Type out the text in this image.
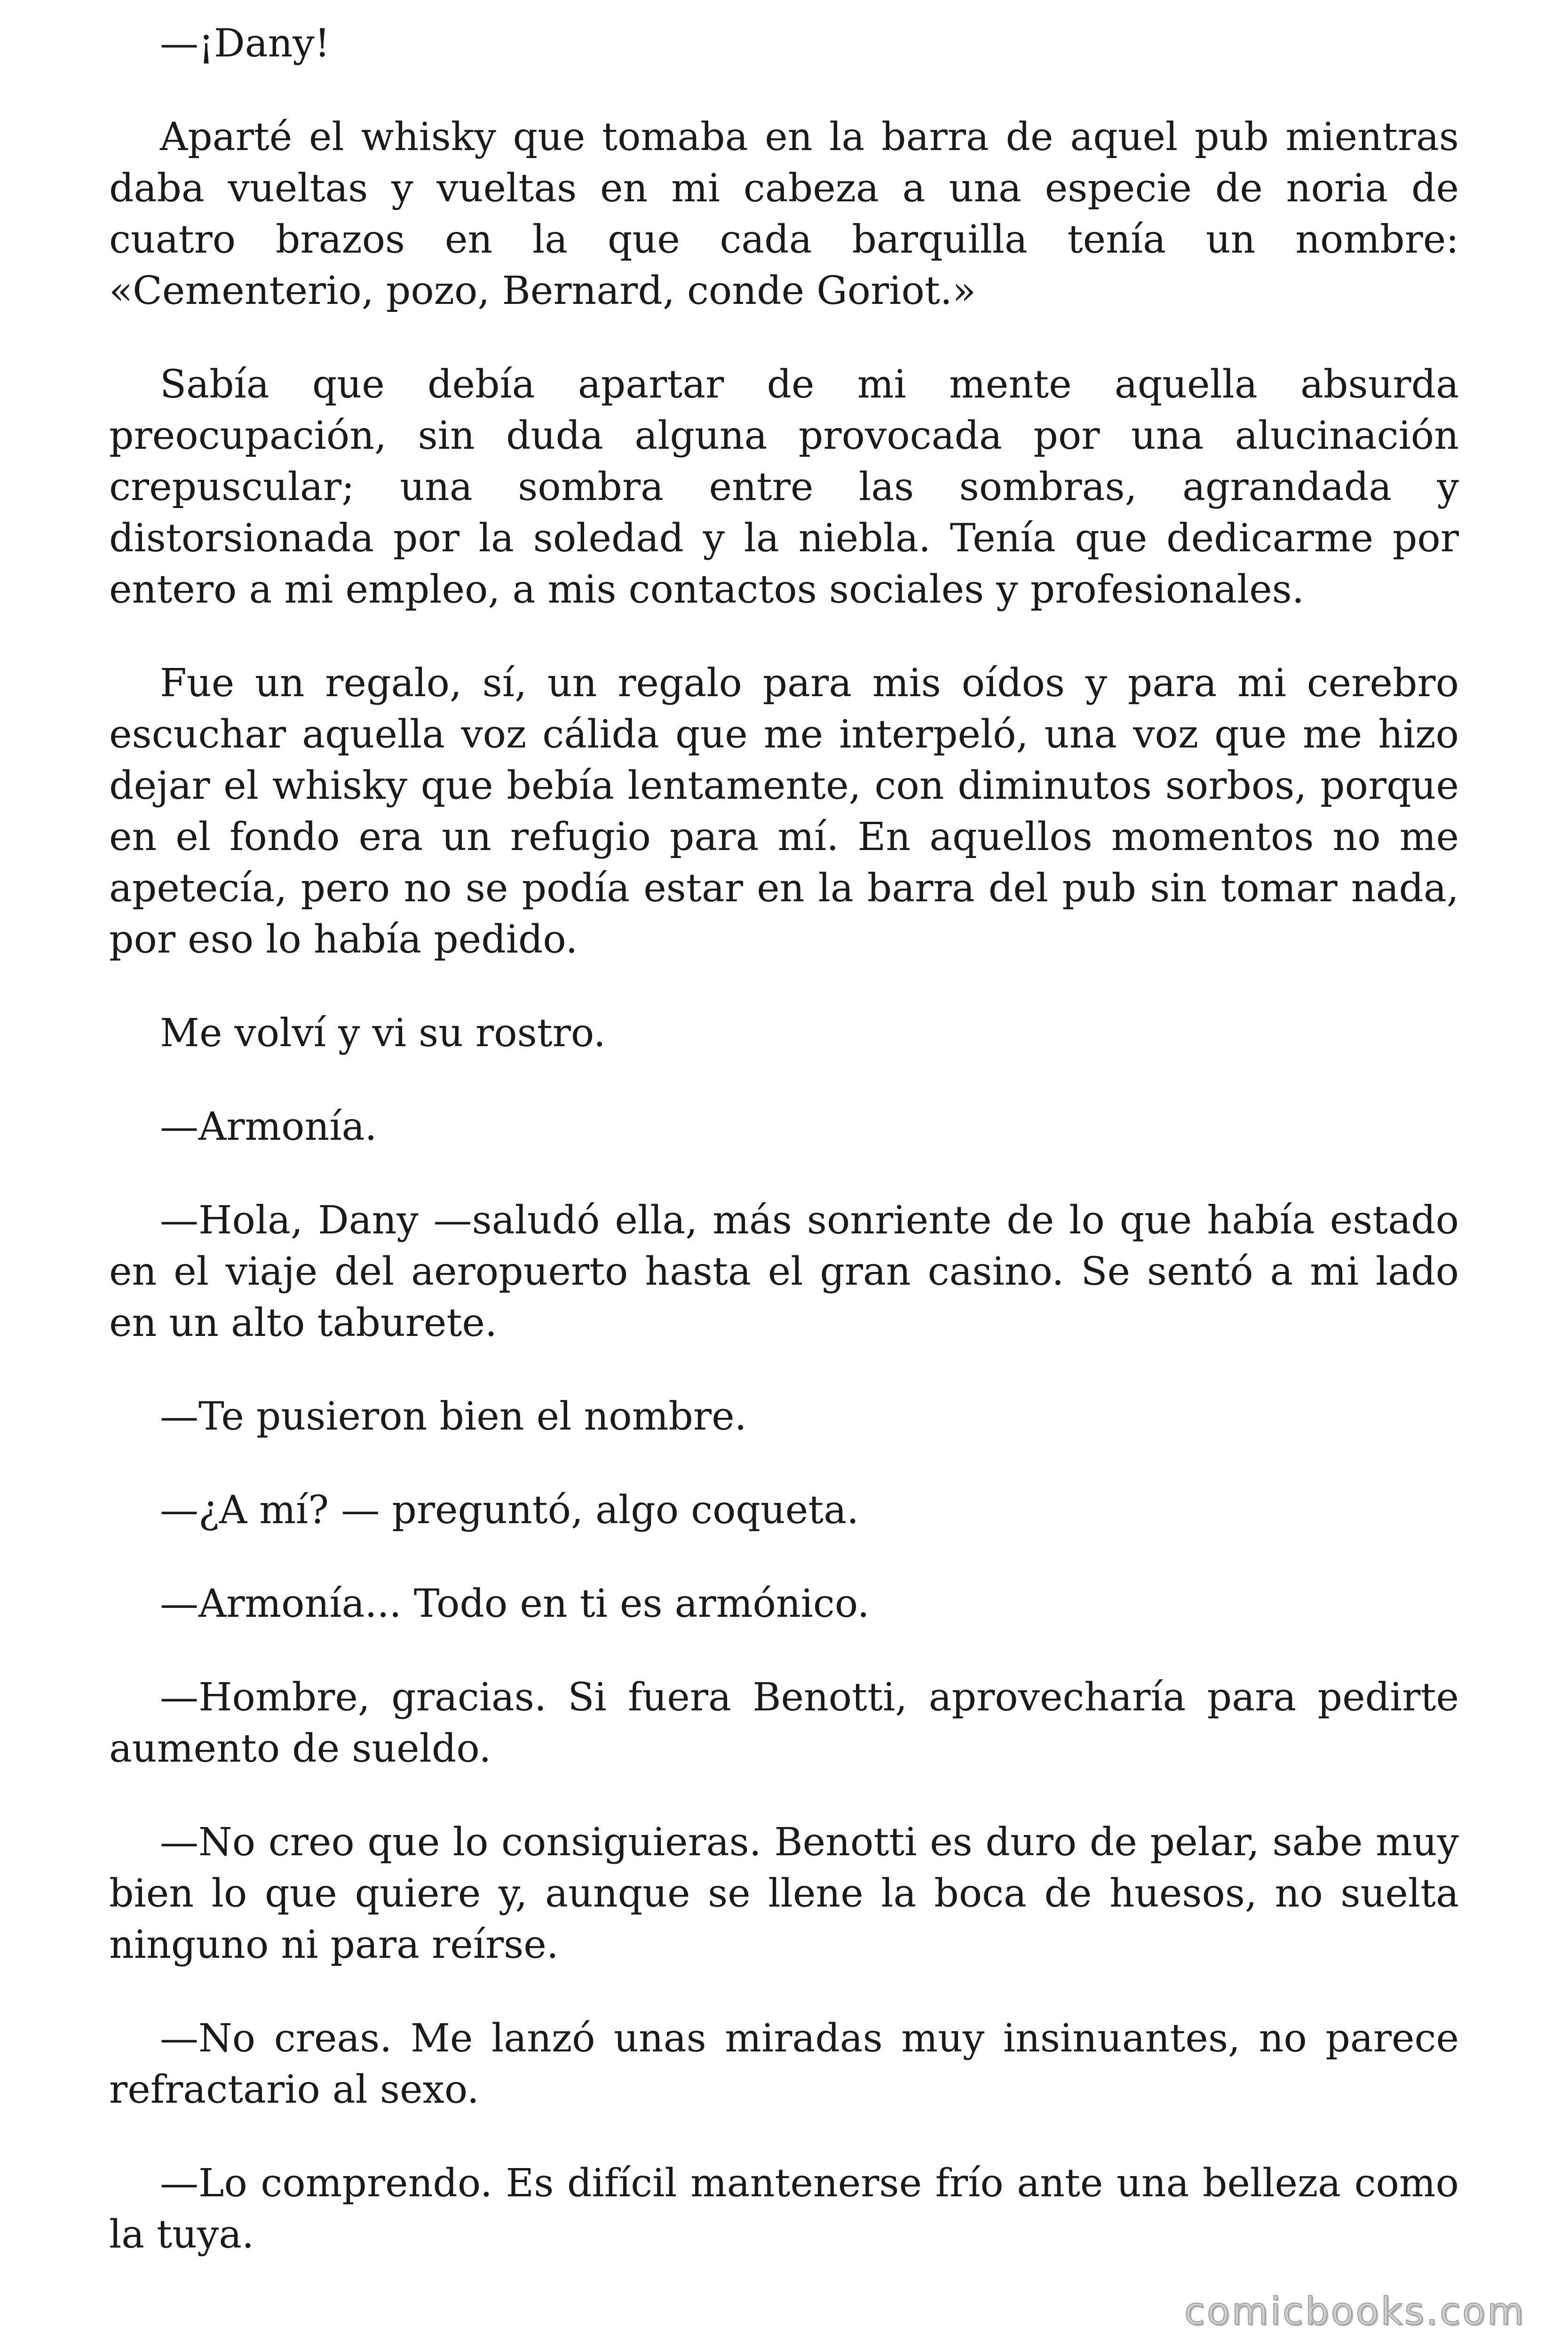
—¡Dany!

Aparté el whisky que tomaba en la barra de aquel pub mientras daba vueltas y vueltas en mi cabeza a una especie de noria de cuatro brazos en la que cada barquilla tenía un nombre: «Cementerio, pozo, Bernard, conde Goriot.»

Sabía que debía apartar de mi mente aquella absurda preocupación, sin duda alguna provocada por una alucinación crepuscular; una sombra entre las sombras, agrandada y distorsionada por la soledad y la niebla. Tenía que dedicarme por entero a mi empleo, a mis contactos sociales y profesionales.

Fue un regalo, sí, un regalo para mis oídos y para mi cerebro escuchar aquella voz cálida que me interpeló, una voz que me hizo dejar el whisky que bebía lentamente, con diminutos sorbos, porque en el fondo era un refugio para mí. En aquellos momentos no me apetecía, pero no se podía estar en la barra del pub sin tomar nada, por eso lo había pedido.

Me volví y vi su rostro.

—Armonía.

—Hola, Dany —saludó ella, más sonriente de lo que había estado en el viaje del aeropuerto hasta el gran casino. Se sentó a mi lado en un alto taburete.

—Te pusieron bien el nombre.

—¿A mí? — preguntó, algo coqueta.

—Armonía... Todo en ti es armónico.

—Hombre, gracias. Si fuera Benotti, aprovecharía para pedirte aumento de sueldo.

—No creo que lo consiguieras. Benotti es duro de pelar, sabe muy bien lo que quiere y, aunque se llene la boca de huesos, no suelta ninguno ni para reírse.

—No creas. Me lanzó unas miradas muy insinuantes, no parece refractario al sexo.

—Lo comprendo. Es difícil mantenerse frío ante una belleza como la tuya.

comicbooks.com
